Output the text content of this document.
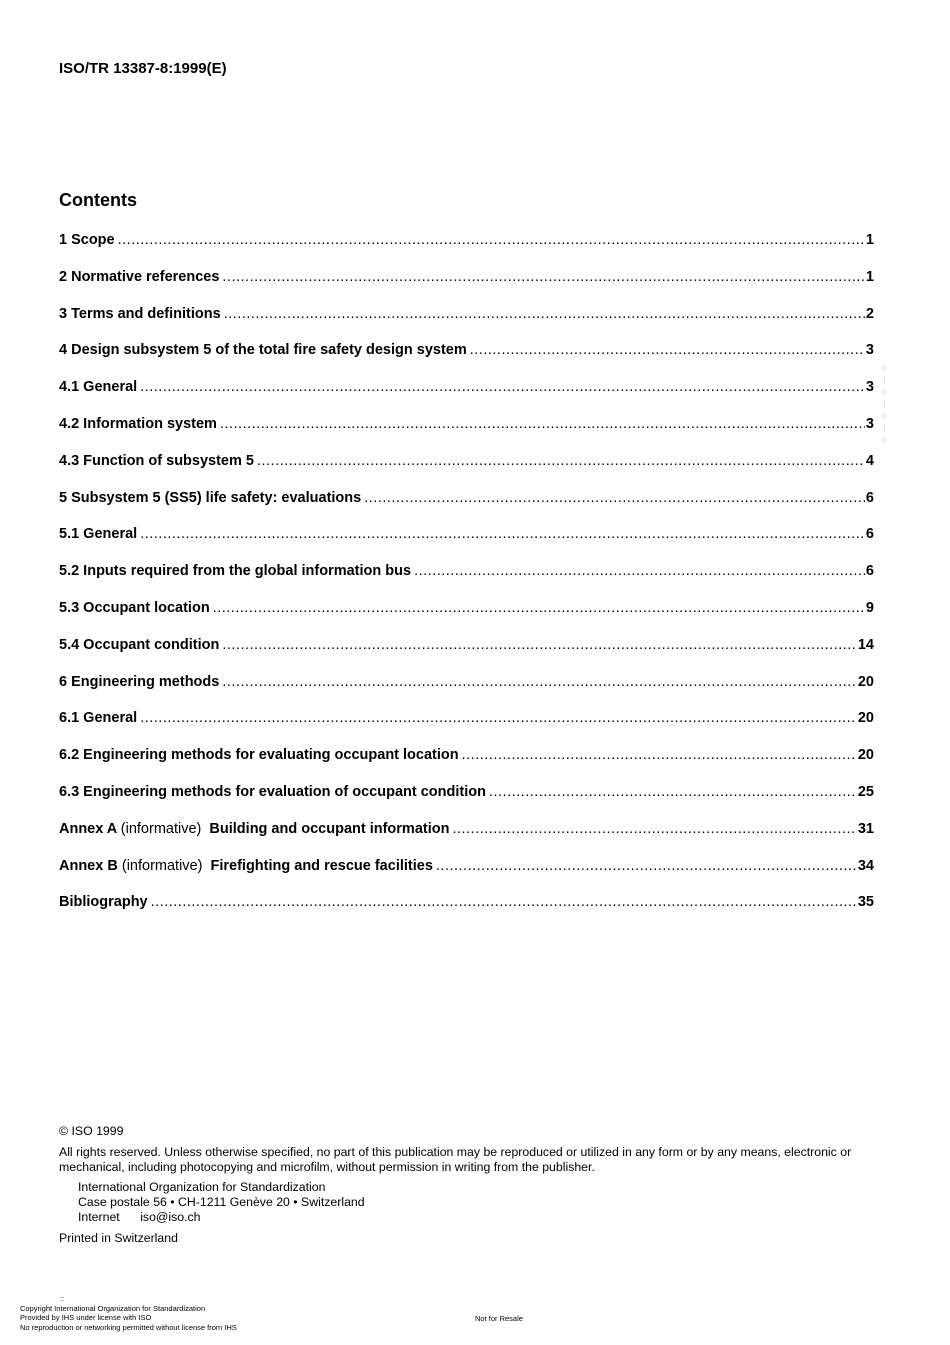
ISO/TR 13387-8:1999(E)
Contents
1 Scope .....	1
2 Normative references .....	1
3 Terms and definitions .....	2
4 Design subsystem 5 of the total fire safety design system .....	3
4.1 General .....	3
4.2 Information system .....	3
4.3 Function of subsystem 5 .....	4
5 Subsystem 5 (SS5) life safety: evaluations .....	6
5.1 General .....	6
5.2 Inputs required from the global information bus .....	6
5.3 Occupant location .....	9
5.4 Occupant condition .....	14
6 Engineering methods .....	20
6.1 General .....	20
6.2 Engineering methods for evaluating occupant location .....	20
6.3 Engineering methods for evaluation of occupant condition .....	25
Annex A (informative) Building and occupant information .....	31
Annex B (informative) Firefighting and rescue facilities .....	34
Bibliography .....	35

© ISO 1999

All rights reserved. Unless otherwise specified, no part of this publication may be reproduced or utilized in any form or by any means, electronic or mechanical, including photocopying and microfilm, without permission in writing from the publisher.

International Organization for Standardization

Case postale 56 • CH-1211 Genève 20 • Switzerland

Internet      iso@iso.ch

Printed in Switzerland

::
Copyright International Organization for Standardization
Provided by IHS under license with ISO
No reproduction or networking permitted without license from IHS
Not for Resale
